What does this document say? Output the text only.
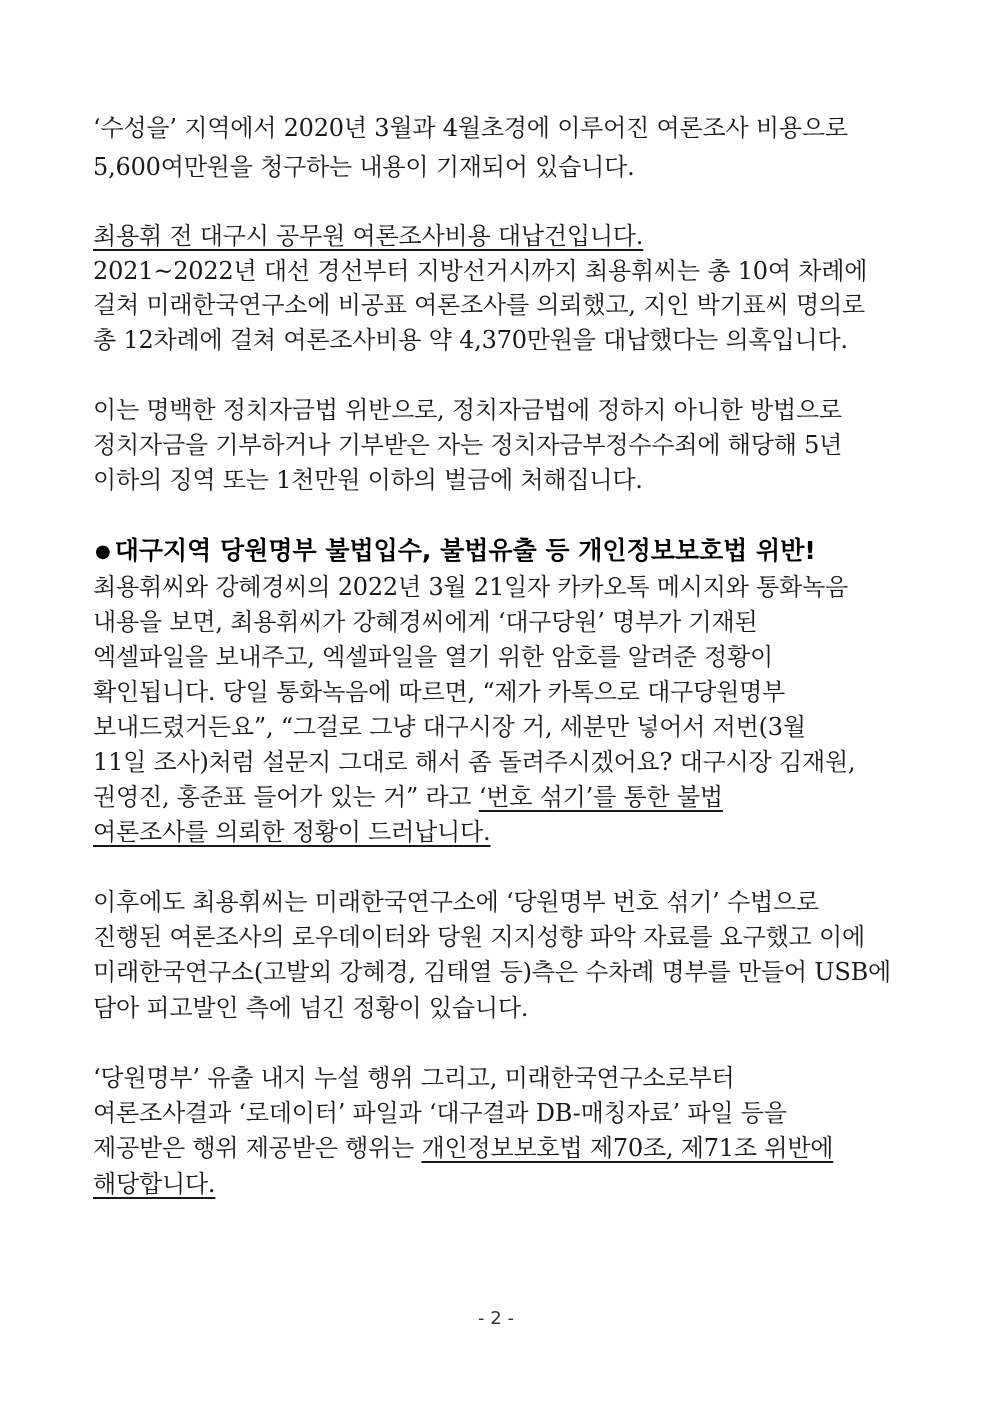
‘수성을’ 지역에서 2020년 3월과 4월초경에 이루어진 여론조사 비용으로
5,600여만원을 청구하는 내용이 기재되어 있습니다.
최용휘 전 대구시 공무원 여론조사비용 대납건입니다.
2021~2022년 대선 경선부터 지방선거시까지 최용휘씨는 총 10여 차례에
걸쳐 미래한국연구소에 비공표 여론조사를 의뢰했고, 지인 박기표씨 명의로
총 12차례에 걸쳐 여론조사비용 약 4,370만원을 대납했다는 의혹입니다.
이는 명백한 정치자금법 위반으로, 정치자금법에 정하지 아니한 방법으로
정치자금을 기부하거나 기부받은 자는 정치자금부정수수죄에 해당해 5년
이하의 징역 또는 1천만원 이하의 벌금에 처해집니다.
● 대구지역 당원명부 불법입수, 불법유출 등 개인정보보호법 위반!
최용휘씨와 강혜경씨의 2022년 3월 21일자 카카오톡 메시지와 통화녹음
내용을 보면, 최용휘씨가 강혜경씨에게 ‘대구당원’ 명부가 기재된
엑셀파일을 보내주고, 엑셀파일을 열기 위한 암호를 알려준 정황이
확인됩니다. 당일 통화녹음에 따르면, “제가 카톡으로 대구당원명부
보내드렸거든요”, “그걸로 그냥 대구시장 거, 세분만 넣어서 저번(3월
11일 조사)처럼 설문지 그대로 해서 좀 돌려주시겠어요? 대구시장 김재원,
권영진, 홍준표 들어가 있는 거” 라고 ‘번호 섞기’를 통한 불법
여론조사를 의뢰한 정황이 드러납니다.
이후에도 최용휘씨는 미래한국연구소에 ‘당원명부 번호 섞기’ 수법으로
진행된 여론조사의 로우데이터와 당원 지지성향 파악 자료를 요구했고 이에
미래한국연구소(고발외 강혜경, 김태열 등)측은 수차례 명부를 만들어 USB에
담아 피고발인 측에 넘긴 정황이 있습니다.
‘당원명부’ 유출 내지 누설 행위 그리고, 미래한국연구소로부터
여론조사결과 ‘로데이터’ 파일과 ‘대구결과 DB-매칭자료’ 파일 등을
제공받은 행위 제공받은 행위는 개인정보보호법 제70조, 제71조 위반에
해당합니다.
- 2 -
